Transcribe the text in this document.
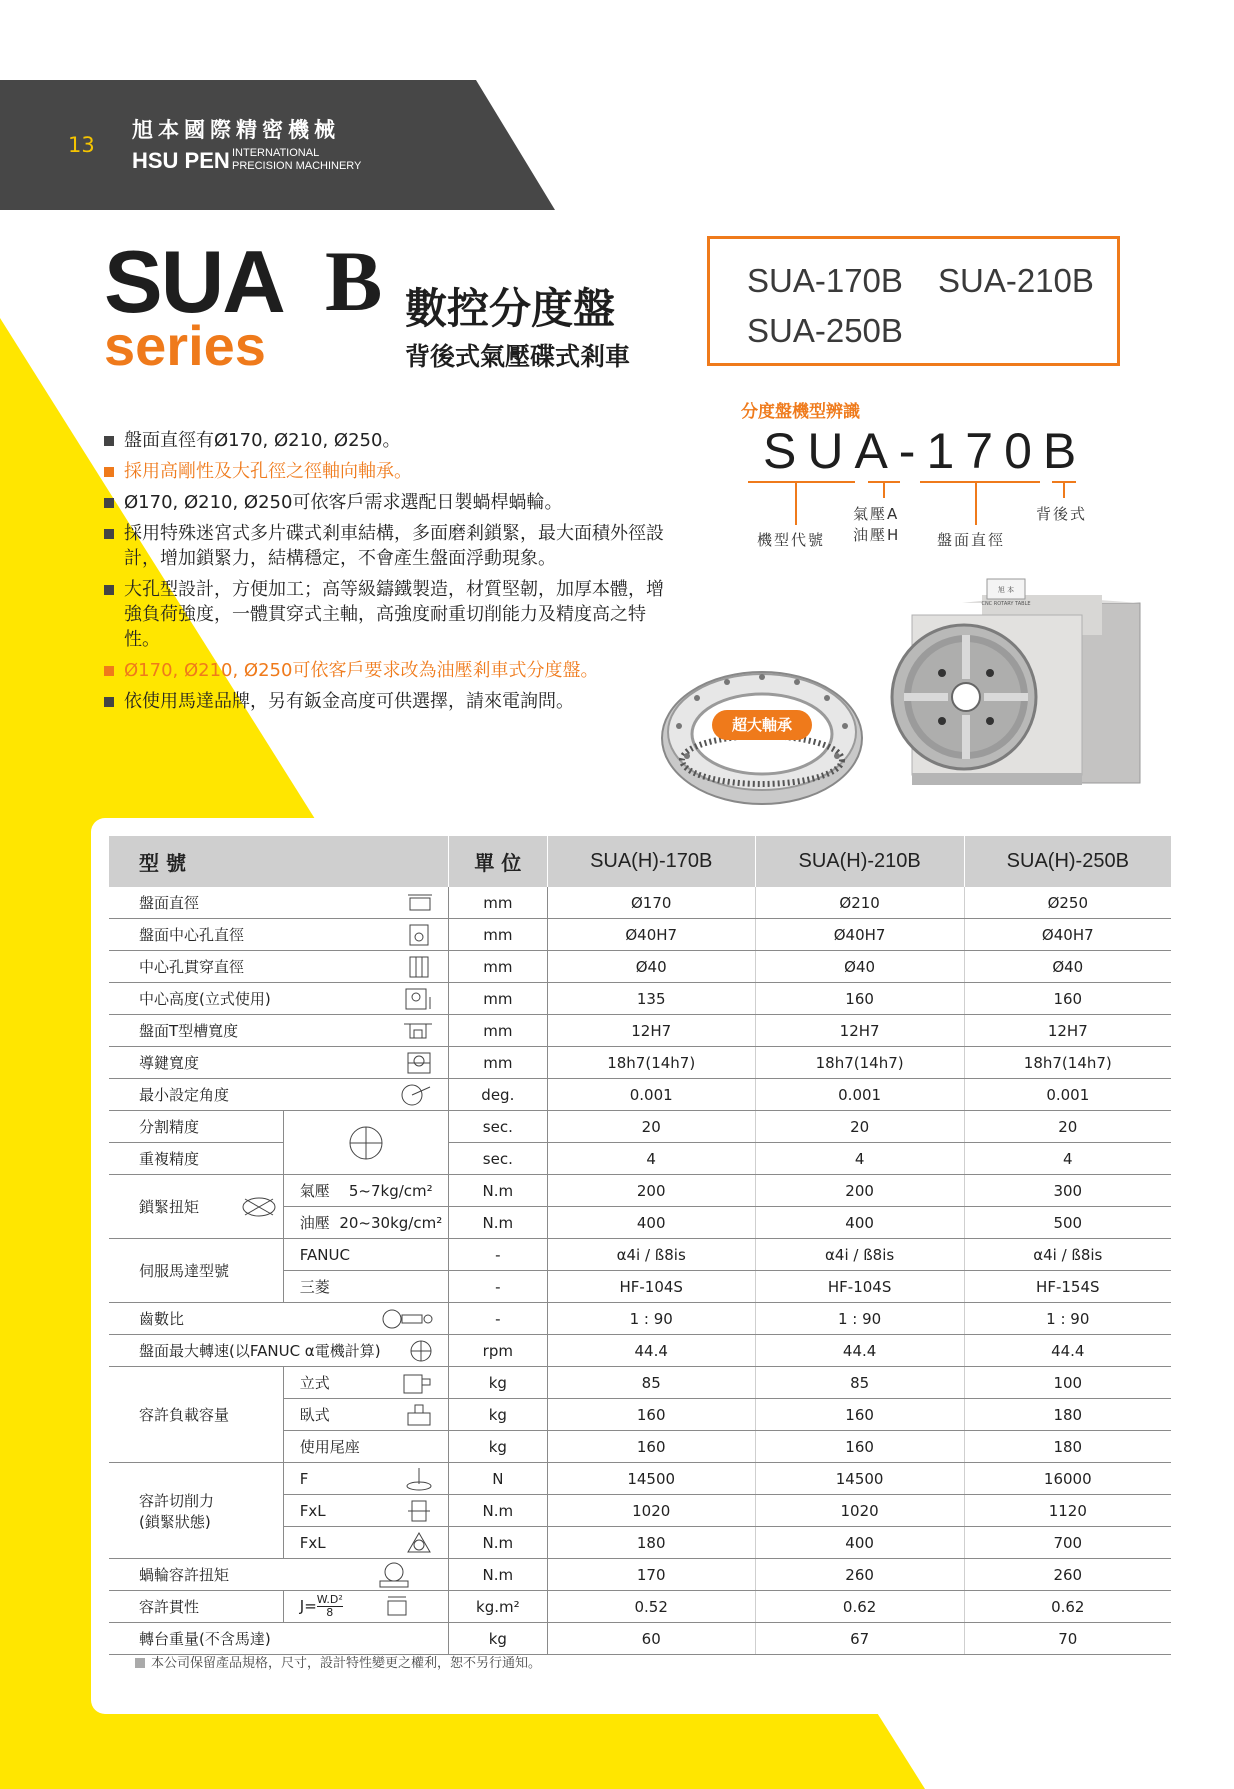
13
旭本國際精密機械
HSU PEN INTERNATIONAL
PRECISION MACHINERY
SUA B
series
數控分度盤
背後式氣壓碟式剎車
SUA-170B SUA-210B
SUA-250B
分度盤機型辨識
SUA-170B
機型代號
氣壓A
油壓H 盤面直徑
背後式
盤面直徑有Ø170, Ø210, Ø250。
採用高剛性及大孔徑之徑軸向軸承。
Ø170, Ø210, Ø250可依客戶需求選配日製蝸桿蝸輪。
採用特殊迷宮式多片碟式剎車結構，多面磨剎鎖緊，最大面積外徑設計，增加鎖緊力，結構穩定，不會產生盤面浮動現象。
大孔型設計，方便加工；高等級鑄鐵製造，材質堅韌，加厚本體，增強負荷強度，一體貫穿式主軸，高強度耐重切削能力及精度高之特性。
Ø170, Ø210, Ø250可依客戶要求改為油壓剎車式分度盤。
依使用馬達品牌，另有鈑金高度可供選擇，請來電詢問。
超大軸承
旭 本
CNC ROTARY TABLE
型 號		單 位	SUA(H)-170B	SUA(H)-210B	SUA(H)-250B

盤面直徑		mm	Ø170	Ø210	Ø250

盤面中心孔直徑		mm	Ø40H7	Ø40H7	Ø40H7

中心孔貫穿直徑		mm	Ø40	Ø40	Ø40

中心高度(立式使用)		mm	135	160	160

盤面T型槽寬度		mm	12H7	12H7	12H7

導鍵寬度		mm	18h7(14h7)	18h7(14h7)	18h7(14h7)

最小設定角度		deg.	0.001	0.001	0.001
分割精度		sec.	20	20	20
重複精度		sec.	4	4	4

鎖緊扭矩	氣壓 5~7kg/cm²	N.m	200	200	300
	油壓 20~30kg/cm²	N.m	400	400	500
伺服馬達型號	FANUC	-	α4i / ß8is	α4i / ß8is	α4i / ß8is
	三菱	-	HF-104S	HF-104S	HF-154S

齒數比		-	1 : 90	1 : 90	1 : 90

盤面最大轉速(以FANUC α電機計算)		rpm	44.4	44.4	44.4
容許負載容量	立式	kg	85	85	100

	臥式	kg	160	160	180
	使用尾座	kg	160	160	180

容許切削力
(鎖緊狀態)	F	N	14500	14500	16000

	FxL	N.m	1020	1020	1120

	FxL	N.m	180	400	700

蝸輪容許扭矩		N.m	170	260	260
容許貫性	$J= \frac{\text{W.D²}}{8}$	kg.m²	0.52	0.62	0.62
轉台重量(不含馬達)		kg	60	67	70
本公司保留產品規格，尺寸，設計特性變更之權利，恕不另行通知。
